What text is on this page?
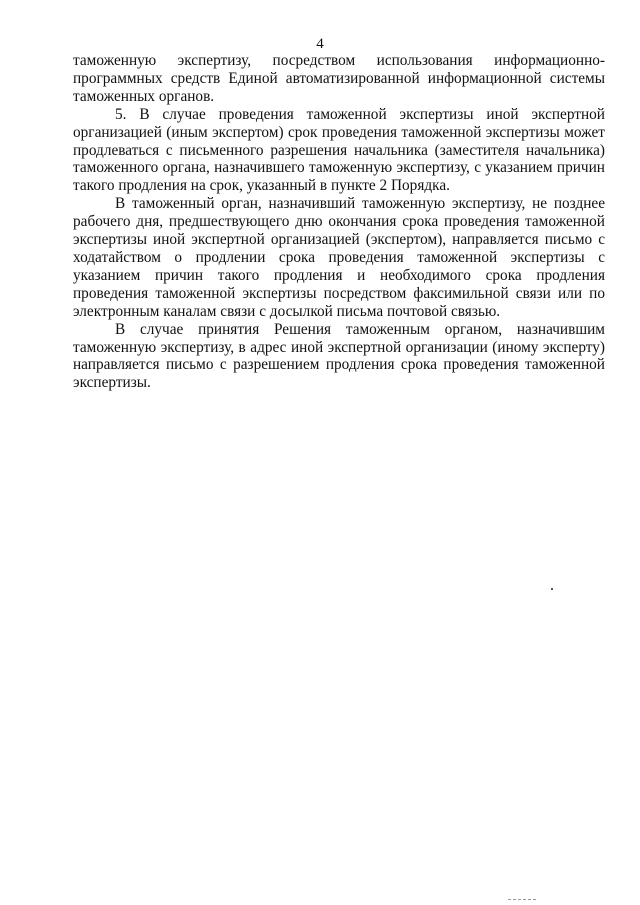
4

таможенную экспертизу, посредством использования информационно-программных средств Единой автоматизированной информационной системы таможенных органов.

5. В случае проведения таможенной экспертизы иной экспертной организацией (иным экспертом) срок проведения таможенной экспертизы может продлеваться с письменного разрешения начальника (заместителя начальника) таможенного органа, назначившего таможенную экспертизу, с указанием причин такого продления на срок, указанный в пункте 2 Порядка.

В таможенный орган, назначивший таможенную экспертизу, не позднее рабочего дня, предшествующего дню окончания срока проведения таможенной экспертизы иной экспертной организацией (экспертом), направляется письмо с ходатайством о продлении срока проведения таможенной экспертизы с указанием причин такого продления и необходимого срока продления проведения таможенной экспертизы посредством факсимильной связи или по электронным каналам связи с досылкой письма почтовой связью.

В случае принятия Решения таможенным органом, назначившим таможенную экспертизу, в адрес иной экспертной организации (иному эксперту) направляется письмо с разрешением продления срока проведения таможенной экспертизы.
